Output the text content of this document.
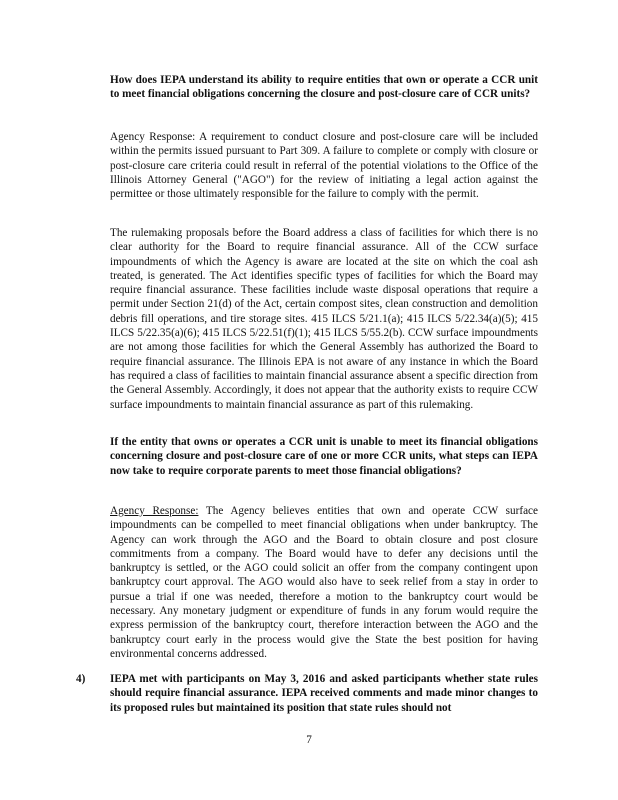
How does IEPA understand its ability to require entities that own or operate a CCR unit to meet financial obligations concerning the closure and post-closure care of CCR units?

Agency Response: A requirement to conduct closure and post-closure care will be included within the permits issued pursuant to Part 309. A failure to complete or comply with closure or post-closure care criteria could result in referral of the potential violations to the Office of the Illinois Attorney General ("AGO") for the review of initiating a legal action against the permittee or those ultimately responsible for the failure to comply with the permit.

The rulemaking proposals before the Board address a class of facilities for which there is no clear authority for the Board to require financial assurance. All of the CCW surface impoundments of which the Agency is aware are located at the site on which the coal ash treated, is generated. The Act identifies specific types of facilities for which the Board may require financial assurance. These facilities include waste disposal operations that require a permit under Section 21(d) of the Act, certain compost sites, clean construction and demolition debris fill operations, and tire storage sites. 415 ILCS 5/21.1(a); 415 ILCS 5/22.34(a)(5); 415 ILCS 5/22.35(a)(6); 415 ILCS 5/22.51(f)(1); 415 ILCS 5/55.2(b). CCW surface impoundments are not among those facilities for which the General Assembly has authorized the Board to require financial assurance. The Illinois EPA is not aware of any instance in which the Board has required a class of facilities to maintain financial assurance absent a specific direction from the General Assembly. Accordingly, it does not appear that the authority exists to require CCW surface impoundments to maintain financial assurance as part of this rulemaking.

If the entity that owns or operates a CCR unit is unable to meet its financial obligations concerning closure and post-closure care of one or more CCR units, what steps can IEPA now take to require corporate parents to meet those financial obligations?

Agency Response: The Agency believes entities that own and operate CCW surface impoundments can be compelled to meet financial obligations when under bankruptcy. The Agency can work through the AGO and the Board to obtain closure and post closure commitments from a company. The Board would have to defer any decisions until the bankruptcy is settled, or the AGO could solicit an offer from the company contingent upon bankruptcy court approval. The AGO would also have to seek relief from a stay in order to pursue a trial if one was needed, therefore a motion to the bankruptcy court would be necessary. Any monetary judgment or expenditure of funds in any forum would require the express permission of the bankruptcy court, therefore interaction between the AGO and the bankruptcy court early in the process would give the State the best position for having environmental concerns addressed.

4) IEPA met with participants on May 3, 2016 and asked participants whether state rules should require financial assurance. IEPA received comments and made minor changes to its proposed rules but maintained its position that state rules should not

7
